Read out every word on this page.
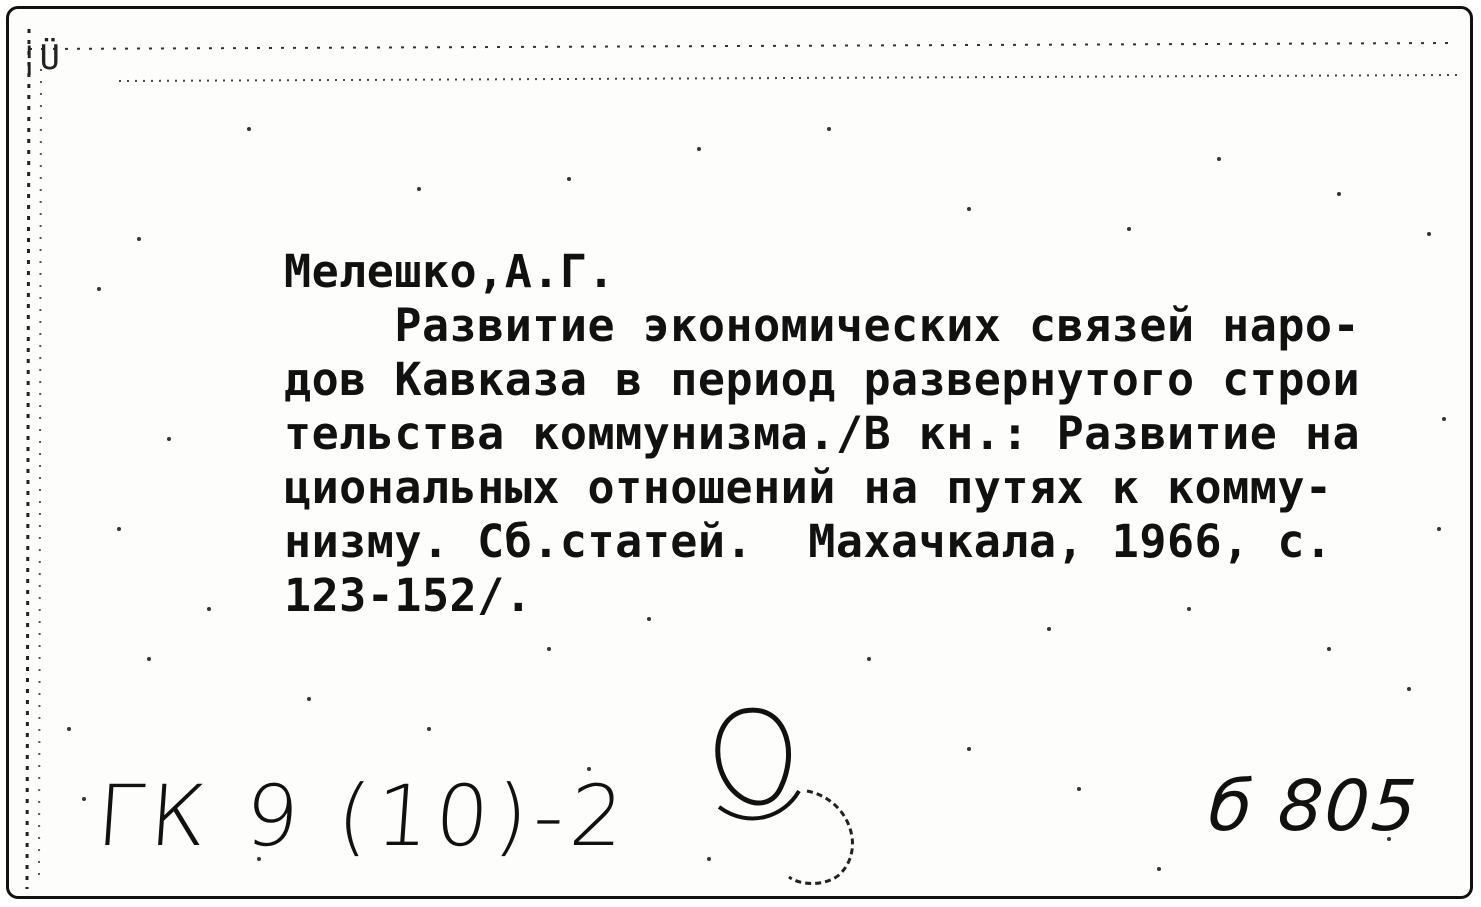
¦Ü
Мелешко,А.Г.
Развитие экономических связей наро-
дов Кавказа в период развернутого строи
тельства коммунизма./В кн.: Развитие на
циональных отношений на путях к комму-
низму. Сб.статей.  Махачкала, 1966, с.
123-152/.
ГК 9 (10)-2	б 805
